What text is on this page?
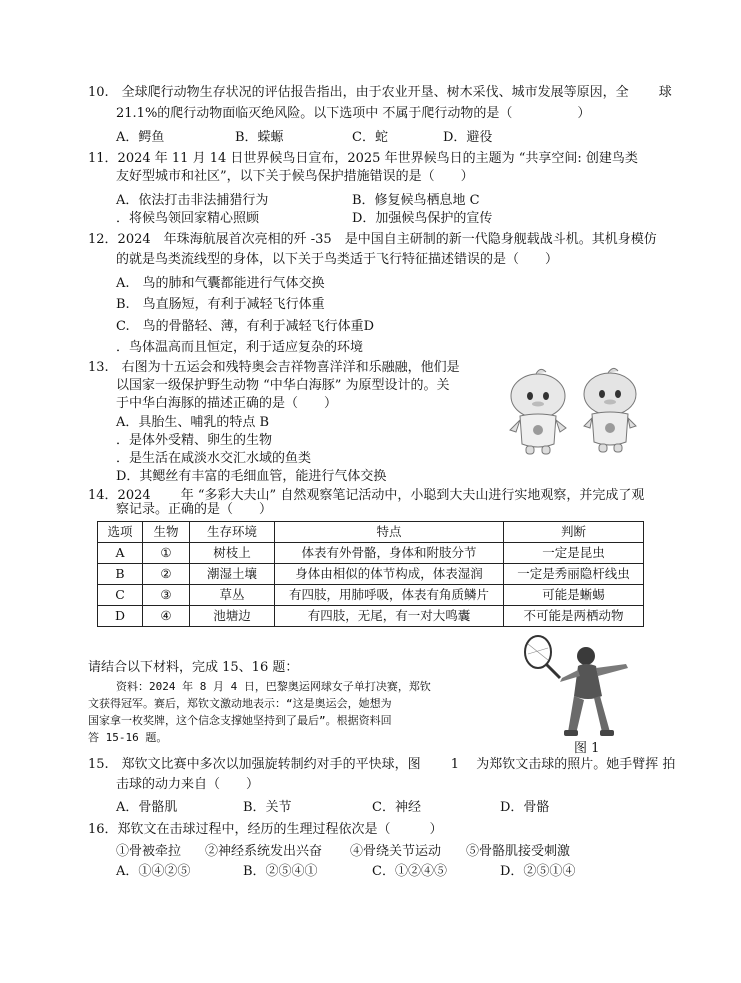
10.　全球爬行动物生存状况的评估报告指出，由于农业开垦、树木采伐、城市发展等原因，全　　 球
21.1%的爬行动物面临灭绝风险。以下选项中 不属于爬行动物的是（　　　　　）
A．鳄鱼	B．蝾螈	C．蛇	D．避役
11．2024 年 11 月 14 日世界候鸟日宣布，2025 年世界候鸟日的主题为 “共享空间: 创建鸟类
友好型城市和社区”，以下关于候鸟保护措施错误的是（　　）
A．依法打击非法捕猎行为	B．修复候鸟栖息地 C
．将候鸟领回家精心照顾	D．加强候鸟保护的宣传
12．2024　年珠海航展首次亮相的歼 -35　是中国自主研制的新一代隐身舰载战斗机。其机身模仿
的就是鸟类流线型的身体，以下关于鸟类适于飞行特征描述错误的是（　　）
A.　鸟的肺和气囊都能进行气体交换
B.　鸟直肠短，有利于减轻飞行体重
C.　鸟的骨骼轻、薄，有利于减轻飞行体重D
．鸟体温高而且恒定，利于适应复杂的环境
13.　右图为十五运会和残特奥会吉祥物喜洋洋和乐融融，他们是
以国家一级保护野生动物 “中华白海豚” 为原型设计的。关
于中华白海豚的描述正确的是（　　）
A．具胎生、哺乳的特点 B
．是体外受精、卵生的生物
．是生活在咸淡水交汇水域的鱼类
D．其鳃丝有丰富的毛细血管，能进行气体交换
14．2024　　 年 “多彩大夫山” 自然观察笔记活动中，小聪到大夫山进行实地观察，并完成了观
察记录。正确的是（　　）
选项	生物	生存环境	特点	判断
A	①	树枝上	体表有外骨骼，身体和附肢分节	一定是昆虫
B	②	潮湿土壤	身体由相似的体节构成，体表湿润	一定是秀丽隐杆线虫
C	③	草丛	有四肢，用肺呼吸，体表有角质鳞片	可能是蜥蜴
D	④	池塘边	有四肢，无尾，有一对大鸣囊	不可能是两栖动物
请结合以下材料，完成 15、16 题：
资料：2024 年 8 月 4 日，巴黎奥运网球女子单打决赛，郑钦
文获得冠军。赛后，郑钦文激动地表示：“这是奥运会，她想为
国家拿一枚奖牌，这个信念支撑她坚持到了最后”。根据资料回
答 15-16 题。
图 1
15.　郑钦文比赛中多次以加强旋转制约对手的平快球，图　　 1　 为郑钦文击球的照片。她手臂挥 拍
击球的动力来自（　　）
A．骨骼肌	B．关节	C．神经	D．骨骼
16．郑钦文在击球过程中，经历的生理过程依次是（　　　）
①骨被牵拉 ②神经系统发出兴奋 ④骨绕关节运动 ⑤骨骼肌接受刺激
A．①④②⑤	B．②⑤④①	C．①②④⑤	D．②⑤①④
